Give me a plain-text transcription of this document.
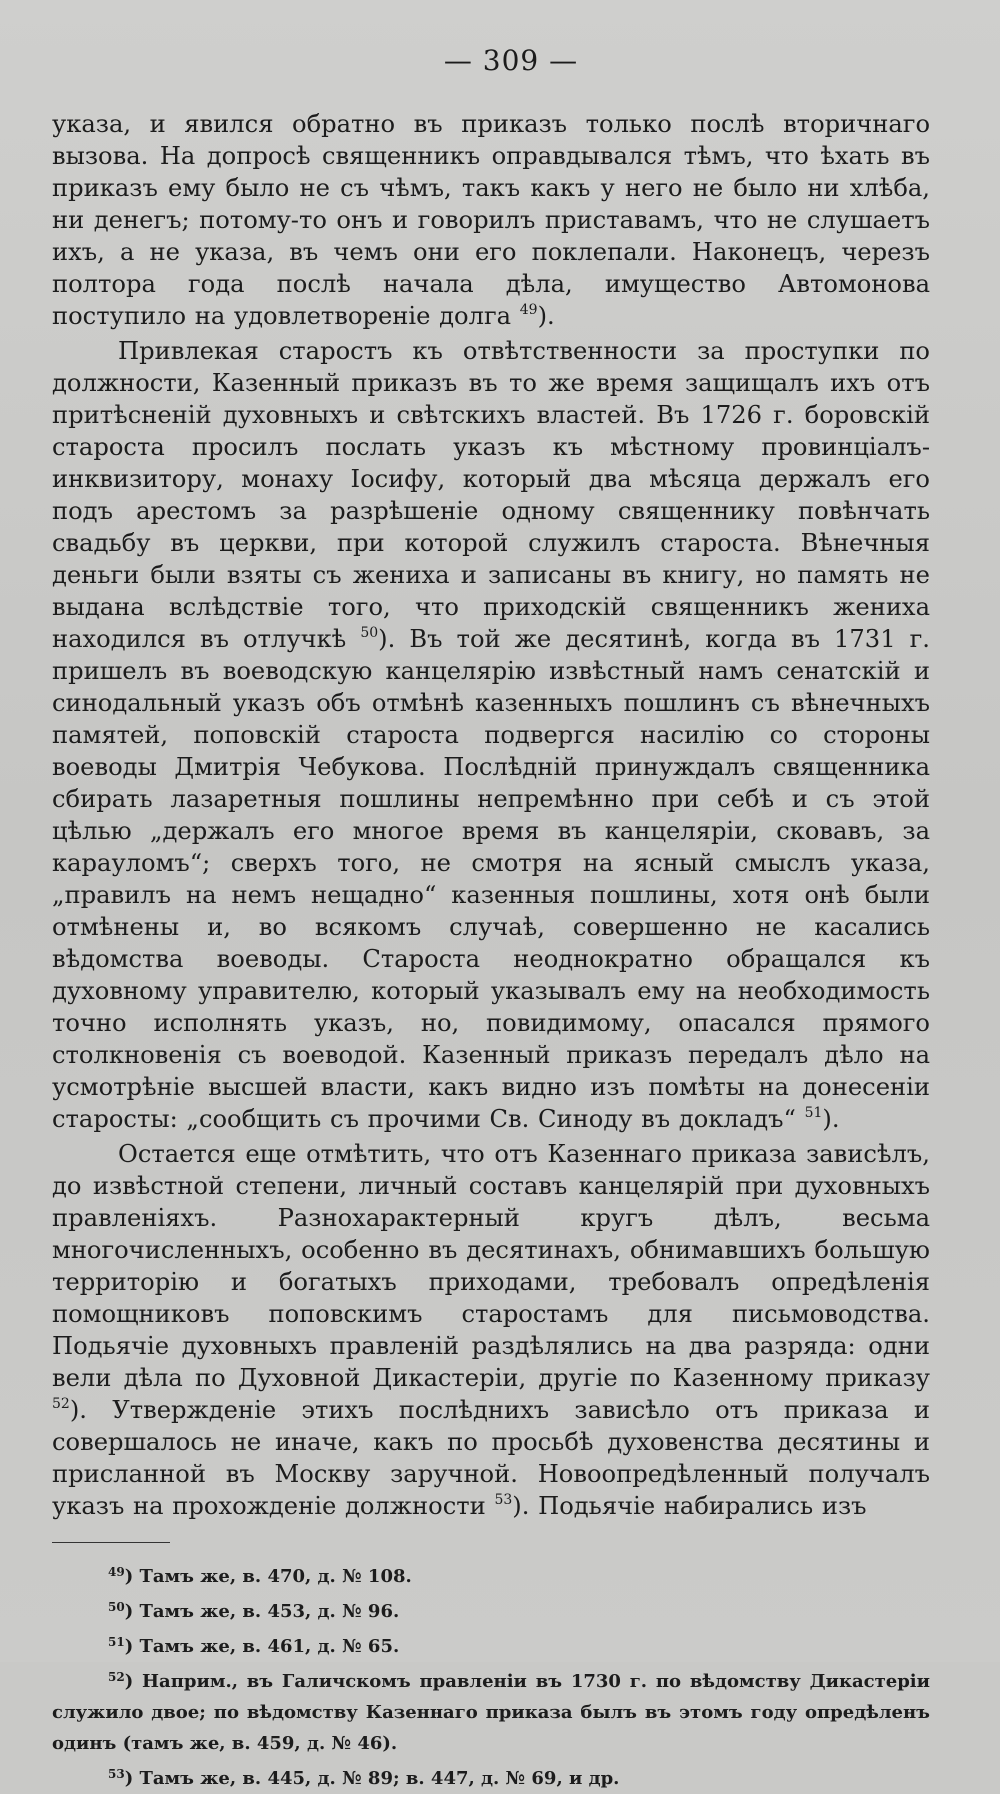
— 309 —

указа, и явился обратно въ приказъ только послѣ вторичнаго вызова. На допросѣ священникъ оправдывался тѣмъ, что ѣхать въ приказъ ему было не съ чѣмъ, такъ какъ у него не было ни хлѣба, ни денегъ; потому-то онъ и говорилъ приставамъ, что не слушаетъ ихъ, а не указа, въ чемъ они его поклепали. Наконецъ, черезъ полтора года послѣ начала дѣла, имущество Автомонова поступило на удовлетвореніе долга $^{49}$).

Привлекая старостъ къ отвѣтственности за проступки по должности, Казенный приказъ въ то же время защищалъ ихъ отъ притѣсненій духовныхъ и свѣтскихъ властей. Въ 1726 г. боровскій староста просилъ послать указъ къ мѣстному провинціалъ-инквизитору, монаху Іосифу, который два мѣсяца держалъ его подъ арестомъ за разрѣшеніе одному священнику повѣнчать свадьбу въ церкви, при которой служилъ староста. Вѣнечныя деньги были взяты съ жениха и записаны въ книгу, но память не выдана вслѣдствіе того, что приходскій священникъ жениха находился въ отлучкѣ $^{50}$). Въ той же десятинѣ, когда въ 1731 г. пришелъ въ воеводскую канцелярію извѣстный намъ сенатскій и синодальный указъ объ отмѣнѣ казенныхъ пошлинъ съ вѣнечныхъ памятей, поповскій староста подвергся насилію со стороны воеводы Дмитрія Чебукова. Послѣдній принуждалъ священника сбирать лазаретныя пошлины непремѣнно при себѣ и съ этой цѣлью „держалъ его многое время въ канцеляріи, сковавъ, за карауломъ“; сверхъ того, не смотря на ясный смыслъ указа, „правилъ на немъ нещадно“ казенныя пошлины, хотя онѣ были отмѣнены и, во всякомъ случаѣ, совершенно не касались вѣдомства воеводы. Староста неоднократно обращался къ духовному управителю, который указывалъ ему на необходимость точно исполнять указъ, но, повидимому, опасался прямого столкновенія съ воеводой. Казенный приказъ передалъ дѣло на усмотрѣніе высшей власти, какъ видно изъ помѣты на донесеніи старосты: „сообщить съ прочими Св. Синоду въ докладъ“ $^{51}$).

Остается еще отмѣтить, что отъ Казеннаго приказа зависѣлъ, до извѣстной степени, личный составъ канцелярій при духовныхъ правленіяхъ. Разнохарактерный кругъ дѣлъ, весьма многочисленныхъ, особенно въ десятинахъ, обнимавшихъ большую территорію и богатыхъ приходами, требовалъ опредѣленія помощниковъ поповскимъ старостамъ для письмоводства. Подьячіе духовныхъ правленій раздѣлялись на два разряда: одни вели дѣла по Духовной Дикастеріи, другіе по Казенному приказу $^{52}$). Утвержденіе этихъ послѣднихъ зависѣло отъ приказа и совершалось не иначе, какъ по просьбѣ духовенства десятины и присланной въ Москву заручной. Новоопредѣленный получалъ указъ на прохожденіе должности $^{53}$). Подьячіе набирались изъ

$^{49}$) Тамъ же, в. 470, д. № 108.

$^{50}$) Тамъ же, в. 453, д. № 96.

$^{51}$) Тамъ же, в. 461, д. № 65.

$^{52}$) Наприм., въ Галичскомъ правленіи въ 1730 г. по вѣдомству Дикастеріи служило двое; по вѣдомству Казеннаго приказа былъ въ этомъ году опредѣленъ одинъ (тамъ же, в. 459, д. № 46).

$^{53}$) Тамъ же, в. 445, д. № 89; в. 447, д. № 69, и др.
